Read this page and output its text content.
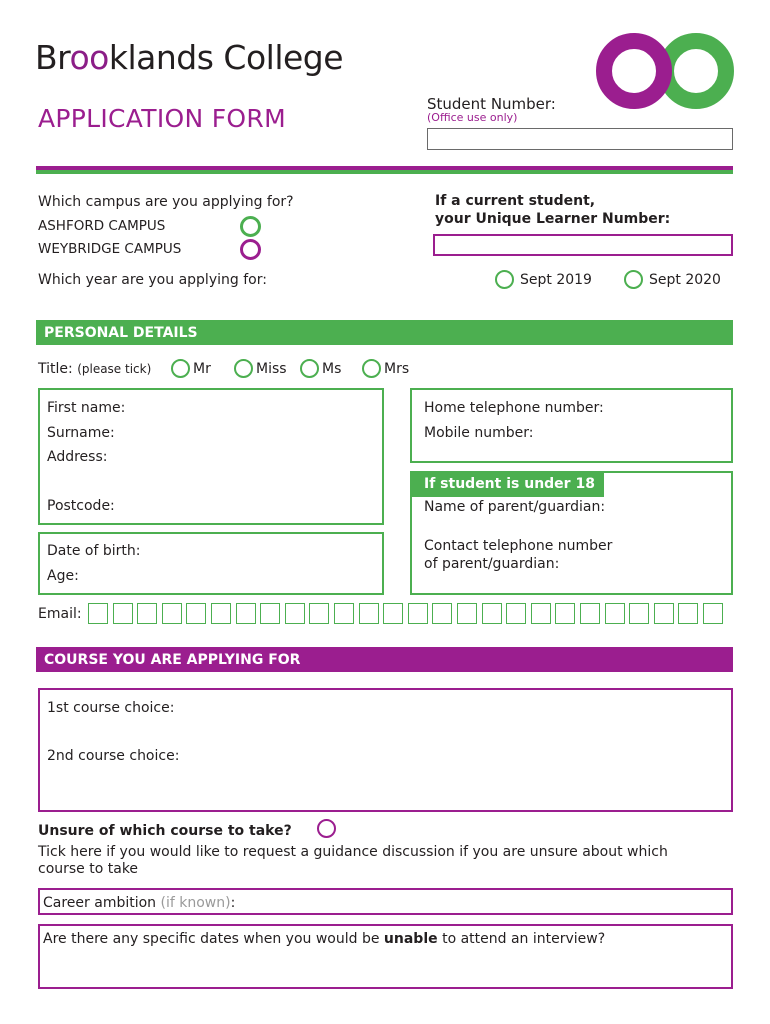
Brooklands College
APPLICATION FORM	Student Number:
(Office use only)
Which campus are you applying for?
ASHFORD CAMPUS
WEYBRIDGE CAMPUS
If a current student,
your Unique Learner Number:
Which year are you applying for:	Sept 2019	Sept 2020
PERSONAL DETAILS
Title: (please tick)	Mr	Miss	Ms	Mrs
First name:
Surname:
Address:
Postcode:
Home telephone number:
Mobile number:
If student is under 18
Name of parent/guardian:
Contact telephone number
of parent/guardian:
Date of birth:
Age:
Email:
COURSE YOU ARE APPLYING FOR
1st course choice:
2nd course choice:
Unsure of which course to take?
Tick here if you would like to request a guidance discussion if you are unsure about which
course to take
Career ambition (if known):
Are there any specific dates when you would be unable to attend an interview?
